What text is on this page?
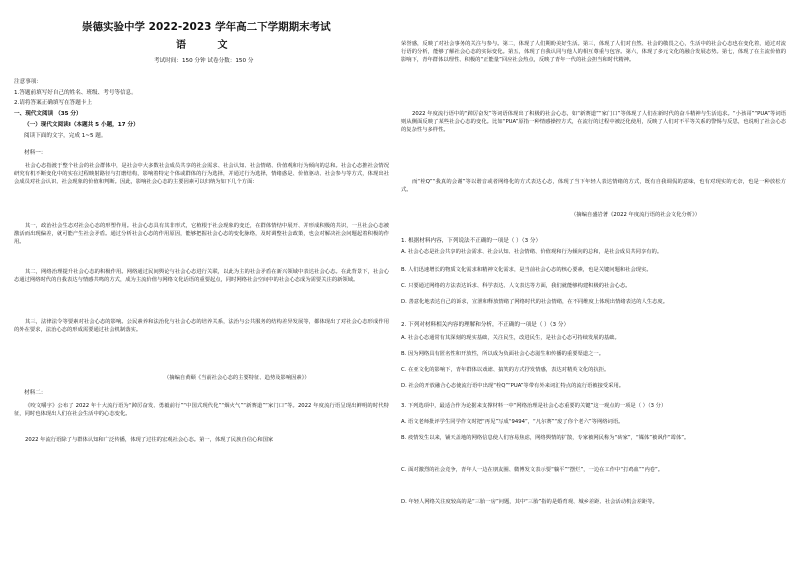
崇德实验中学 2022-2023 学年高二下学期期末考试
语 文
考试时间：150 分钟 试卷分数：150 分
注意事项：
1.答题前填写好自己的姓名、班级、考号等信息。
2.请将答案正确填写在答题卡上
一、现代文阅读 （35 分）
（一）现代文阅读Ⅰ（本题共 5 小题，17 分）
阅读下面的文字，完成 1~5 题。
材料一：
社会心态指渡于整个社会的社会群体中，是社会中大多数社会成员共享的社会需求、社会认知、社会情绪、价值观和行为倾向的总和。社会心态推社会情况研究有机不断变化中的实在过程映射路径与打磨结构，影响着特定个体或群体的行为选择，并通过行为选择，情绪惑是、价值驱动、社会参与等方式，体现出社会成员对社会认识、社会现象的价值和判断。因此，影响社会心态的主要因素可以归纳为如下几个方面：
其一，政治社会生态对社会心态的形塑作用。社会心态具有其非形式，它植根于社会现象的变迁，在群体情结中展开、并形成积极的共识，一旦社会心态被激活而出现偏差，就可能产生社会矛盾。通过分析社会心态的作用原因，能够把握社会心态的变化脉络，及时调整社会政策，也会对解决社会问题起着积极的作用。
其二，网络治理提升社会心态的积极作用。网络通过民间舆论与社会心态进行关联，以此为主的社会矛盾在新兴领域中表达社会心态。在此背景下，社会心态通过网络时代的自我表达与情感共鸣的方式，成为主流价值与网络文化话语的重要起点，同时网络社会空间中的社会心态成为需要关注的新领域。
其三，法律法令等要素对社会心态的影响。公民素养和法治化与社会心态的培养关系，法治与公共服务的结构差异发展等，都体现出了对社会心态形成作用的外在要求，法治心态的形成需要通过社会机制落实。
（摘编自黄颐《当前社会心态的主要特征、趋势及影响因素》）
材料二：
《咬文嚼字》公布了 2022 年十大流行语为“踔厉奋发、勇毅前行”“中国式现代化”“烟火气”“新赛道”“家门口”等。2022 年度流行语呈现出鲜明的时代特征，同时也体现出人们在社会生活中的心态变化。
2022 年流行语除了与群体认知和广泛传播，体现了过往的宏观社会心态。第一，体现了民族自信心和国家
荣誉感，反映了对社会事务的关注与参与。第二，体现了人们期盼美好生活。第三，体现了人们对自然、社会的敬畏之心，生活中的社会心态也在变化着，通过对流行语的分析，能够了解社会心态的实际变化。第五，体现了自我认同与他人的相互尊重与包容。第六，体现了多元文化的融合发展态势。第七，体现了在主流价值的影响下，青年群体以理性、积极的“正能量”回应社会热点，反映了青年一代的社会担当和时代精神。
2022 年度流行语中的“踔厉奋发”等词语体现出了积极的社会心态，如“新赛道”“家门口”等体现了人们在新时代的奋斗精神与生活追求。“小孩哥”“PUA”等词语则从侧面反映了某些社会心态的变化。比如“PUA”原指一种情感操控方式，在流行的过程中被泛化使用，反映了人们对不平等关系的警惕与反思，也说明了社会心态的复杂性与多样性。
而“栓Q”“我真的会谢”等以谐音或者网络化的方式表达心态，体现了当下年轻人表达情绪的方式，既有自我调侃的意味，也有对现实的无奈，也是一种放松方式。
（摘编自盛岩著《2022 年度流行语的社会文化分析》）
1. 根据材料内容，下列说法不正确的一项是（ ）（3 分）
A. 社会心态是社会共享的社会需求、社会认知、社会情绪、价值观和行为倾向的总和，是社会成员共同享有的。
B. 人们迅速增长的物质文化需求和精神文化需求，是当前社会心态的核心要素，也是关键问题和社会现实。
C. 只要通过网络的方法表达诉求、科学表达、人文表达等方面，我们就能够构建积极的社会心态。
D. 善意化地表达自己的诉求，宣泄和释放情绪了网络时代的社会情绪，在不同维度上体现出情绪表达的人生态度。
2. 下列对材料相关内容的理解和分析，不正确的一项是（ ）（3 分）
A. 社会心态通常有其深刻的现实基础，关注民生，改进民生，是社会心态可持续发展的基础。
B. 因为网络具有匿名性和开放性，所以成为负面社会心态滋生和传播的重要渠道之一。
C. 在亚文化的影响下，青年群体以戏谑、搞笑的方式抒发情感，表达对精英文化的抗拒。
D. 社会的开放融合心态使流行语中出现“栓Q”“PUA”等带有外来词汇特点的流行语被接受采用。
3. 下列选项中，最适合作为论据来支撑材料一中“网络治理是社会心态重要的关键”这一观点的一项是（ ）（3 分）
A. 语文老师批评学生同学作文时把“再见”写成“9494”，“凡尔赛”“废了你个老六”等网络词语。
B. 疫情发生以来，铺天盖地的网络信息使人们容易焦虑，网络舆情的扩散，专家被网民称为“砖家”，“媒体”被讽作“霉体”。
C. 面对激烈的社会竞争，青年人一边在朋友圈、微博发文表示要“躺平”“摆烂”，一边在工作中“打鸡血”“内卷”。
D. 年轻人网络关注度较高的是“三胎一房”问题，其中“三胎”指的是婚育观、城乡差距、社会活动机会差距等。
